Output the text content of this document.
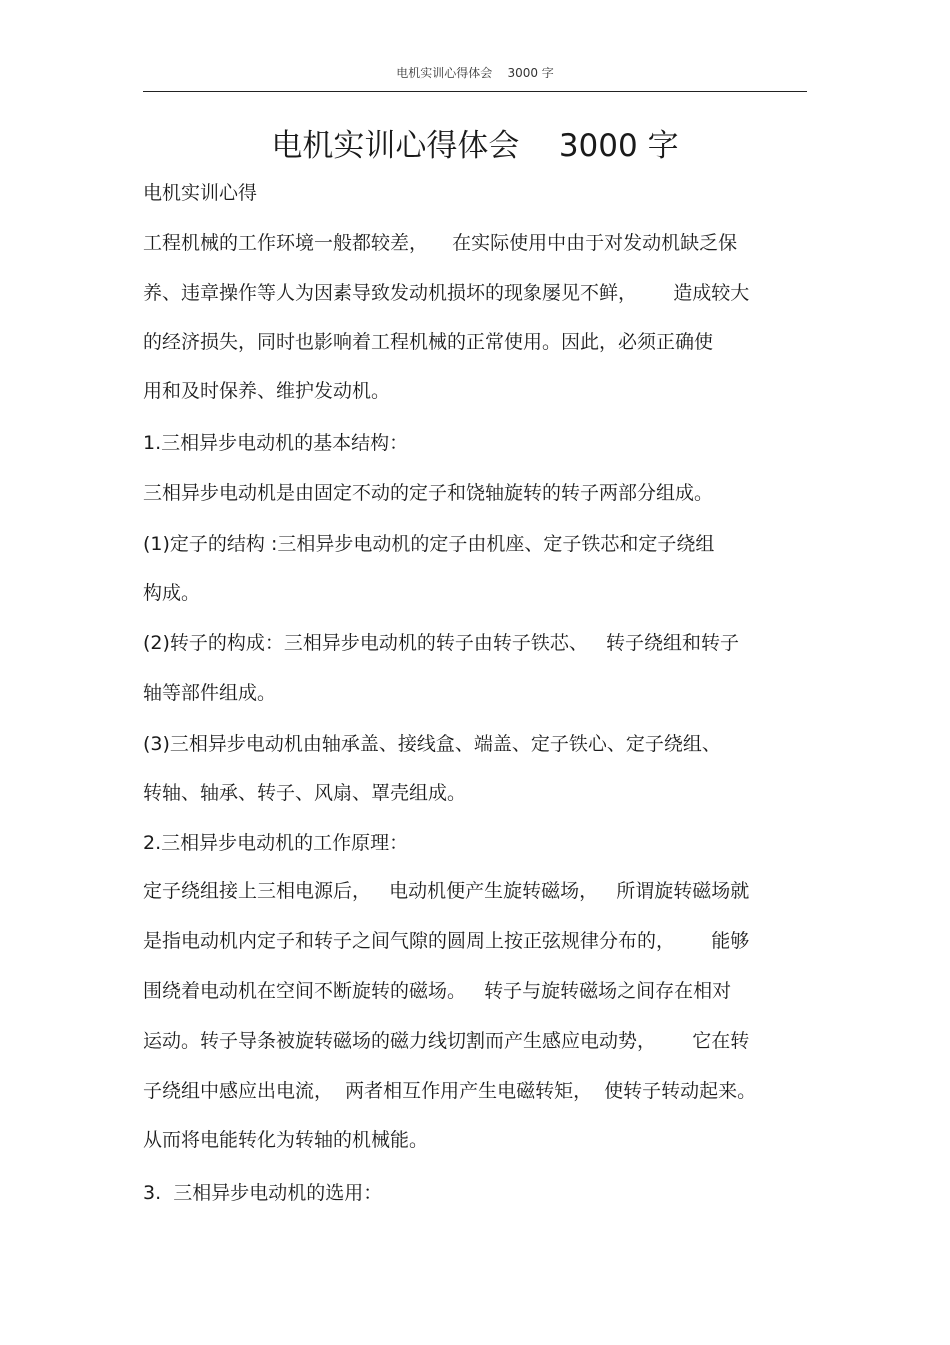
电机实训心得体会    3000 字
电机实训心得体会    3000 字
电机实训心得
工程机械的工作环境一般都较差，    在实际使用中由于对发动机缺乏保
养、违章操作等人为因素导致发动机损坏的现象屡见不鲜，      造成较大
的经济损失，同时也影响着工程机械的正常使用。因此，必须正确使
用和及时保养、维护发动机。
1.三相异步电动机的基本结构：
三相异步电动机是由固定不动的定子和饶轴旋转的转子两部分组成。
(1)定子的结构 :三相异步电动机的定子由机座、定子铁芯和定子绕组
构成。
(2)转子的构成：三相异步电动机的转子由转子铁芯、   转子绕组和转子
轴等部件组成。
(3)三相异步电动机由轴承盖、接线盒、端盖、定子铁心、定子绕组、
转轴、轴承、转子、风扇、罩壳组成。
2.三相异步电动机的工作原理：
定子绕组接上三相电源后，   电动机便产生旋转磁场，   所谓旋转磁场就
是指电动机内定子和转子之间气隙的圆周上按正弦规律分布的，      能够
围绕着电动机在空间不断旋转的磁场。   转子与旋转磁场之间存在相对
运动。转子导条被旋转磁场的磁力线切割而产生感应电动势，      它在转
子绕组中感应出电流，  两者相互作用产生电磁转矩，  使转子转动起来。
从而将电能转化为转轴的机械能。
3.  三相异步电动机的选用：
